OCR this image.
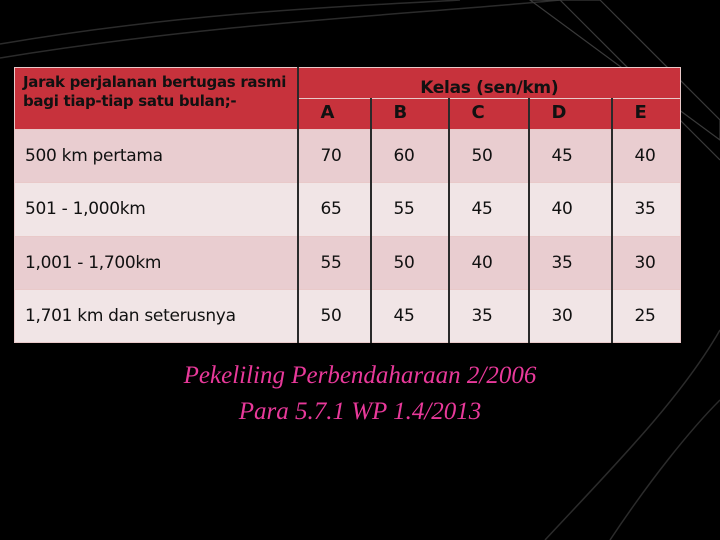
Jarak perjalanan bertugas rasmi bagi tiap-tiap satu bulan;-	Kelas (sen/km)				
	A	B	C	D	E
500 km pertama	70	60	50	45	40
501 - 1,000km	65	55	45	40	35
1,001 - 1,700km	55	50	40	35	30
1,701 km dan seterusnya	50	45	35	30	25
Pekeliling Perbendaharaan 2/2006
Para 5.7.1 WP 1.4/2013
